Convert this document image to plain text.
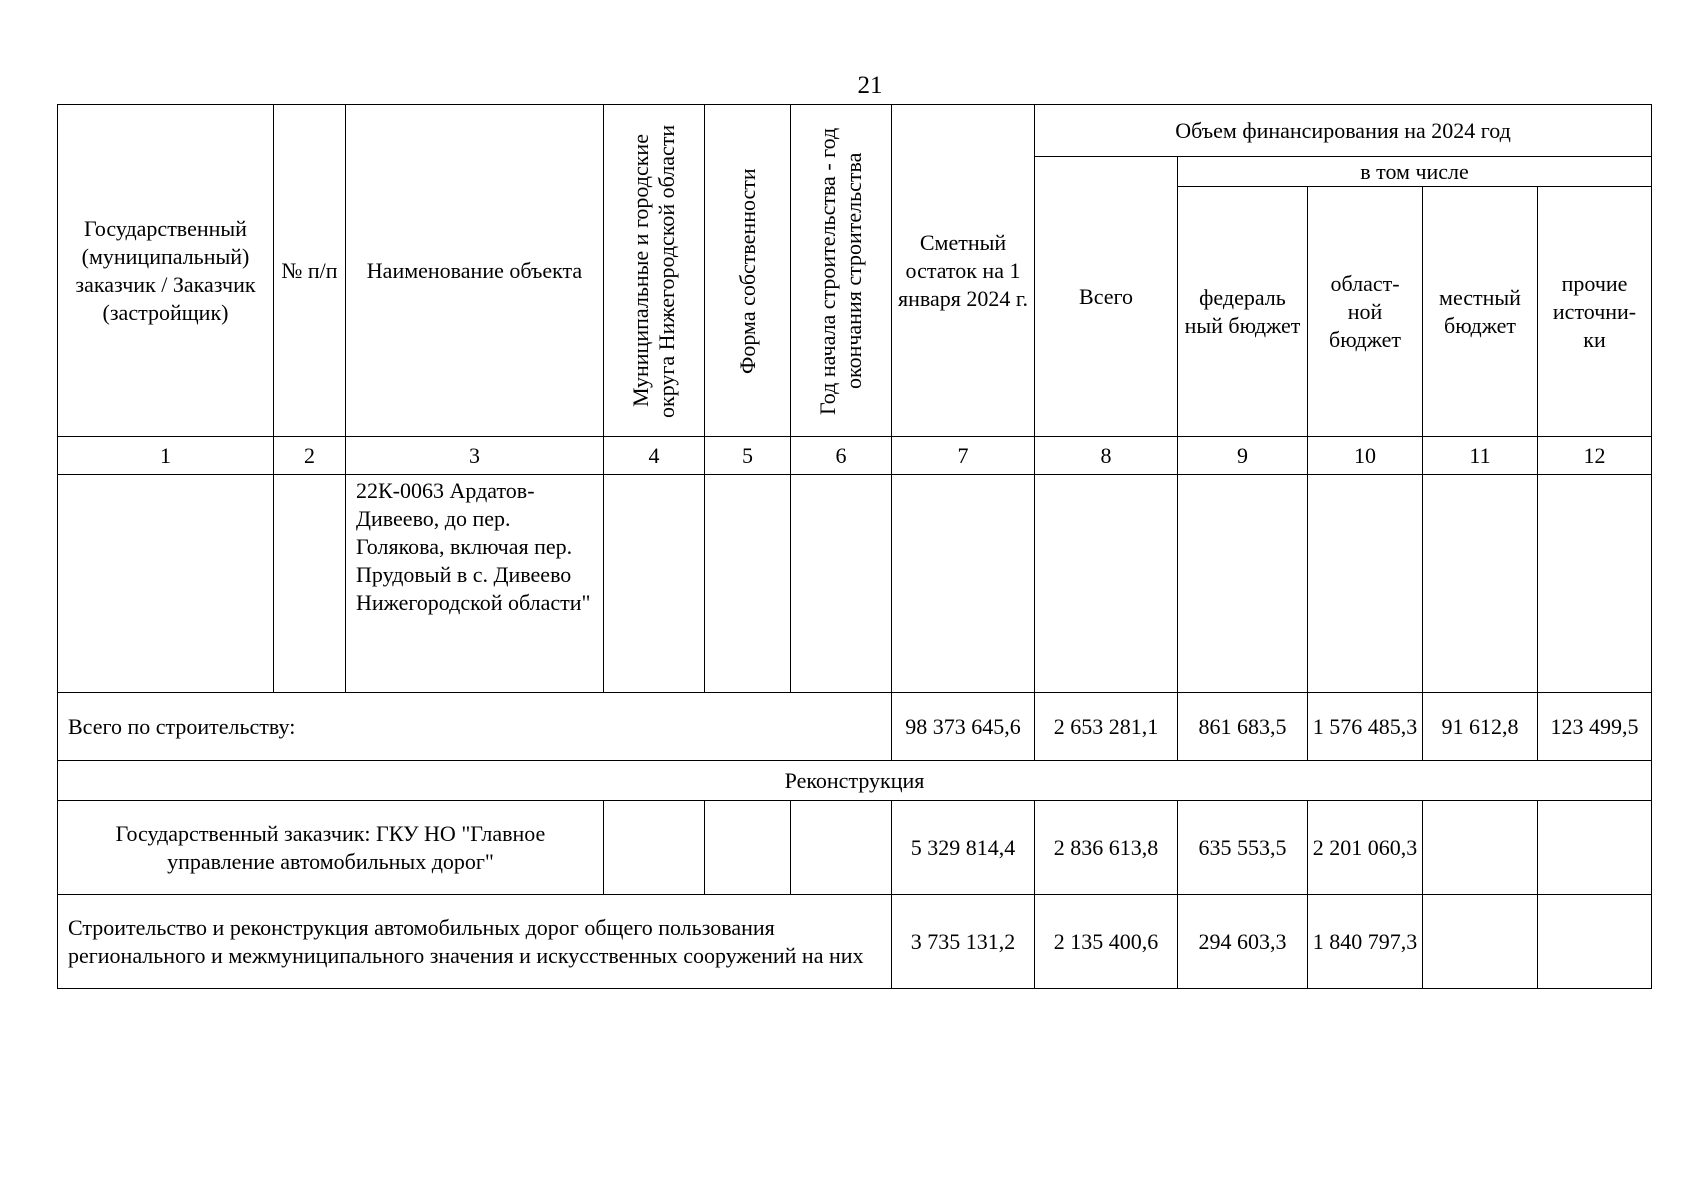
21
Государственный (муниципальный) заказчик / Заказчик (застройщик)	№ п/п	Наименование объекта	Муниципальные и городские округа Нижегородской области	Форма собственности	Год начала строительства - год окончания строительства	Сметный остаток на 1 января 2024 г.	Объем финансирования на 2024 год				
							Всего	в том числе			
								федераль ный бюджет	област- ной бюджет	местный бюджет	прочие источни- ки
1	2	3	4	5	6	7	8	9	10	11	12
		22К-0063 Ардатов-Дивеево, до пер. Голякова, включая пер. Прудовый в с. Дивеево Нижегородской области"									
Всего по строительству:						98 373 645,6	2 653 281,1	861 683,5	1 576 485,3	91 612,8	123 499,5
Реконструкция											
Государственный заказчик: ГКУ НО "Главное управление автомобильных дорог"						5 329 814,4	2 836 613,8	635 553,5	2 201 060,3		
Строительство и реконструкция автомобильных дорог общего пользования регионального и межмуниципального значения и искусственных сооружений на них						3 735 131,2	2 135 400,6	294 603,3	1 840 797,3		
